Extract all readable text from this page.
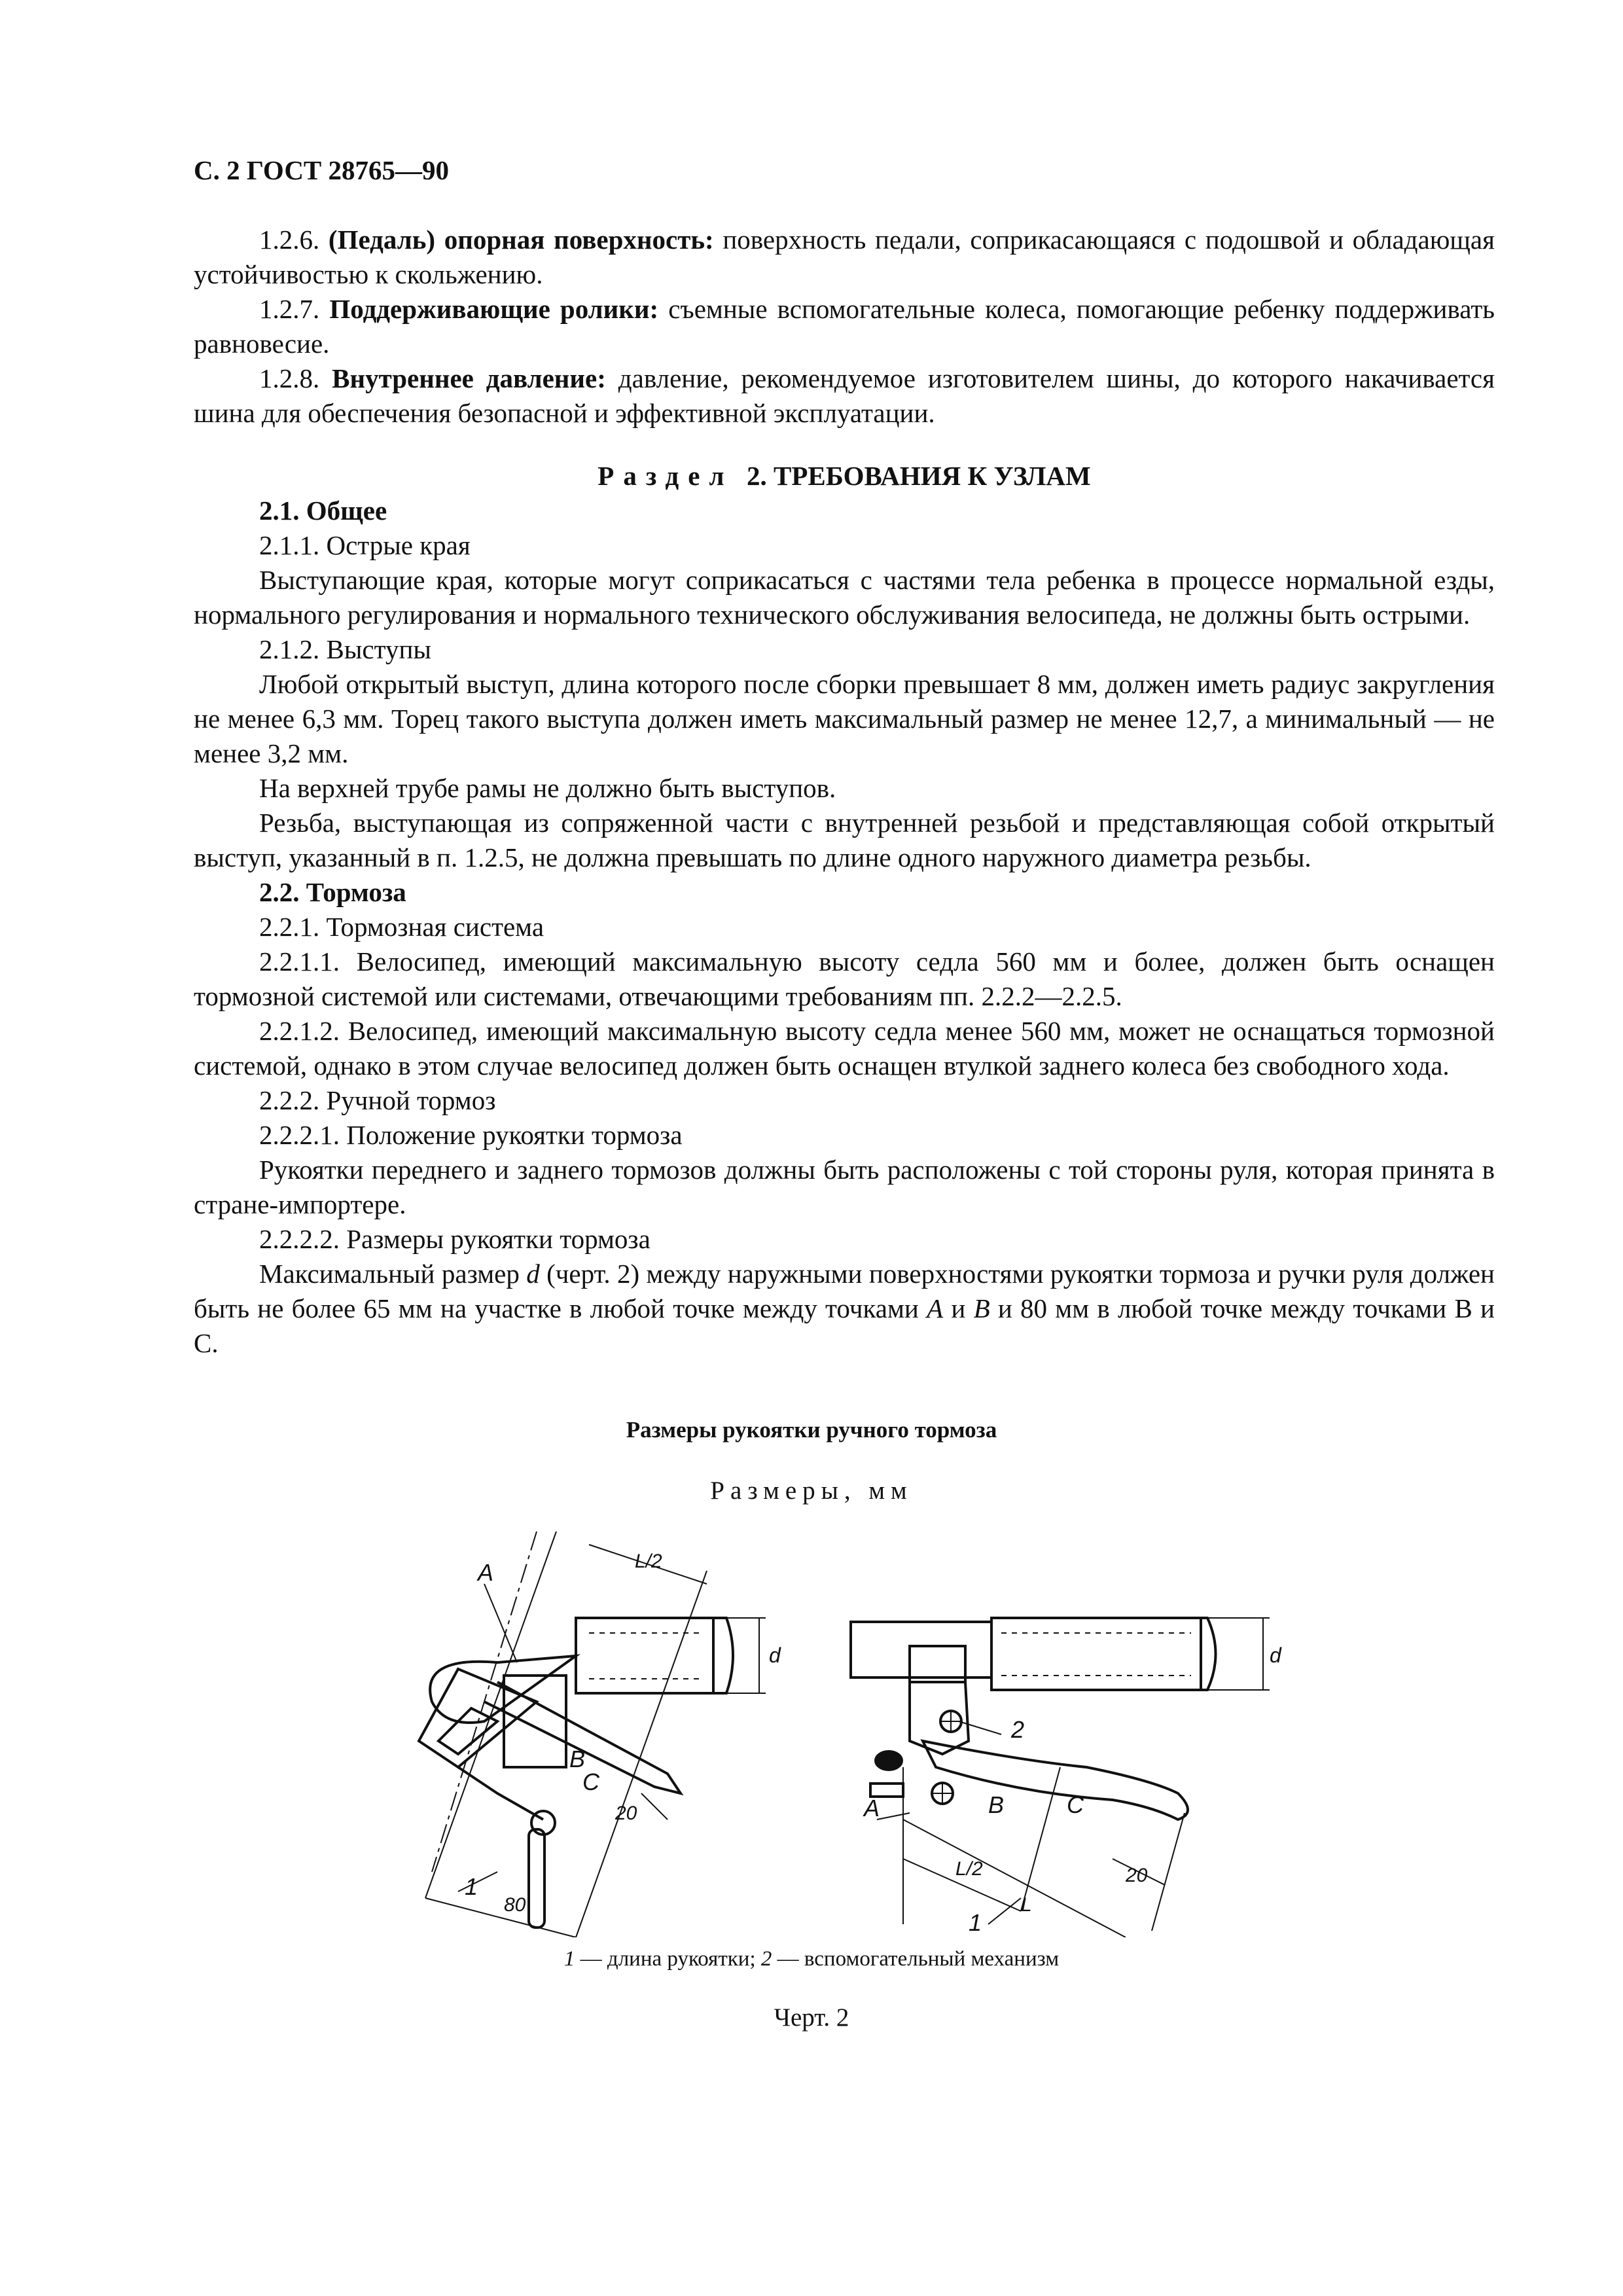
С. 2 ГОСТ 28765—90

1.2.6. (Педаль) опорная поверхность: поверхность педали, соприкасающаяся с подошвой и обладающая устойчивостью к скольжению.

1.2.7. Поддерживающие ролики: съемные вспомогательные колеса, помогающие ребенку поддерживать равновесие.

1.2.8. Внутреннее давление: давление, рекомендуемое изготовителем шины, до которого накачивается шина для обеспечения безопасной и эффективной эксплуатации.

Раздел 2. ТРЕБОВАНИЯ К УЗЛАМ

2.1. Общее

2.1.1. Острые края

Выступающие края, которые могут соприкасаться с частями тела ребенка в процессе нормальной езды, нормального регулирования и нормального технического обслуживания велосипеда, не должны быть острыми.

2.1.2. Выступы

Любой открытый выступ, длина которого после сборки превышает 8 мм, должен иметь радиус закругления не менее 6,3 мм. Торец такого выступа должен иметь максимальный размер не менее 12,7, а минимальный — не менее 3,2 мм.

На верхней трубе рамы не должно быть выступов.

Резьба, выступающая из сопряженной части с внутренней резьбой и представляющая собой открытый выступ, указанный в п. 1.2.5, не должна превышать по длине одного наружного диаметра резьбы.

2.2. Тормоза

2.2.1. Тормозная система

2.2.1.1. Велосипед, имеющий максимальную высоту седла 560 мм и более, должен быть оснащен тормозной системой или системами, отвечающими требованиям пп. 2.2.2—2.2.5.

2.2.1.2. Велосипед, имеющий максимальную высоту седла менее 560 мм, может не оснащаться тормозной системой, однако в этом случае велосипед должен быть оснащен втулкой заднего колеса без свободного хода.

2.2.2. Ручной тормоз

2.2.2.1. Положение рукоятки тормоза

Рукоятки переднего и заднего тормозов должны быть расположены с той стороны руля, которая принята в стране-импортере.

2.2.2.2. Размеры рукоятки тормоза

Максимальный размер d (черт. 2) между наружными поверхностями рукоятки тормоза и ручки руля должен быть не более 65 мм на участке в любой точке между точками A и B и 80 мм в любой точке между точками В и С.

Размеры рукоятки ручного тормоза
Размеры, мм
A
B
C
L/2
d
80
20
1
A	B	C
2
L/2
L
d
20
1
1 — длина рукоятки; 2 — вспомогательный механизм
Черт. 2
